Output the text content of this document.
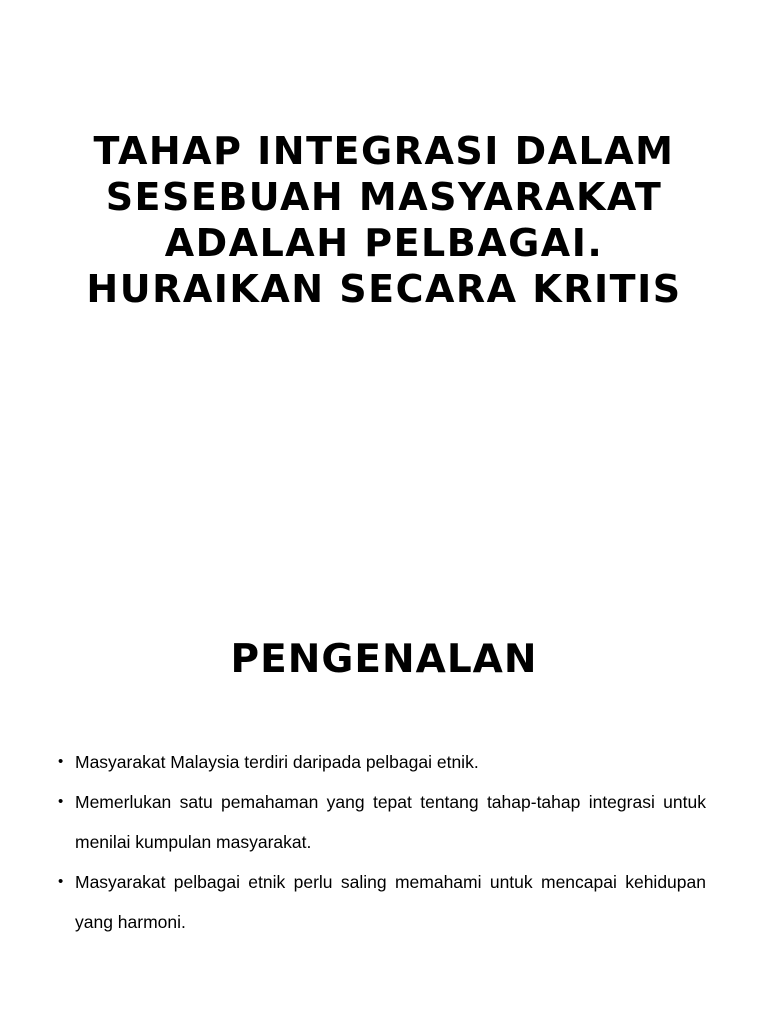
TAHAP INTEGRASI DALAM SESEBUAH MASYARAKAT ADALAH PELBAGAI. HURAIKAN SECARA KRITIS
PENGENALAN
• Masyarakat Malaysia terdiri daripada pelbagai etnik.
• Memerlukan satu pemahaman yang tepat tentang tahap-tahap integrasi untuk menilai kumpulan masyarakat.
• Masyarakat pelbagai etnik perlu saling memahami untuk mencapai kehidupan yang harmoni.
